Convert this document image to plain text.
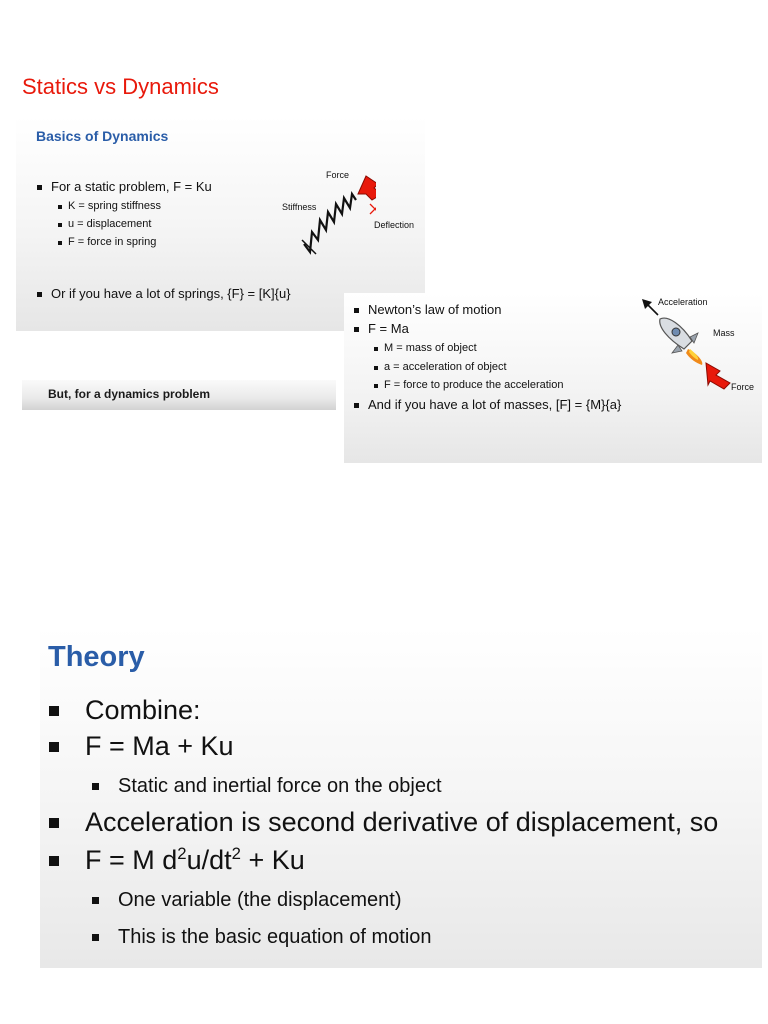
Statics vs Dynamics
Basics of Dynamics
For a static problem, F = Ku
K = spring stiffness
u = displacement
F = force in spring
Or if you have a lot of springs, {F} = [K]{u}
Force
Stiffness
Deflection
But, for a dynamics problem
Newton’s law of motion
F = Ma
M = mass of object
a = acceleration of object
F = force to produce the acceleration
And if you have a lot of masses, [F] = {M}{a}
Acceleration
Mass
Force
Theory
Combine:
F = Ma + Ku
Static and inertial force on the object
Acceleration is second derivative of displacement, so
F = M $d^2u/dt^2 + Ku$
One variable (the displacement)
This is the basic equation of motion
